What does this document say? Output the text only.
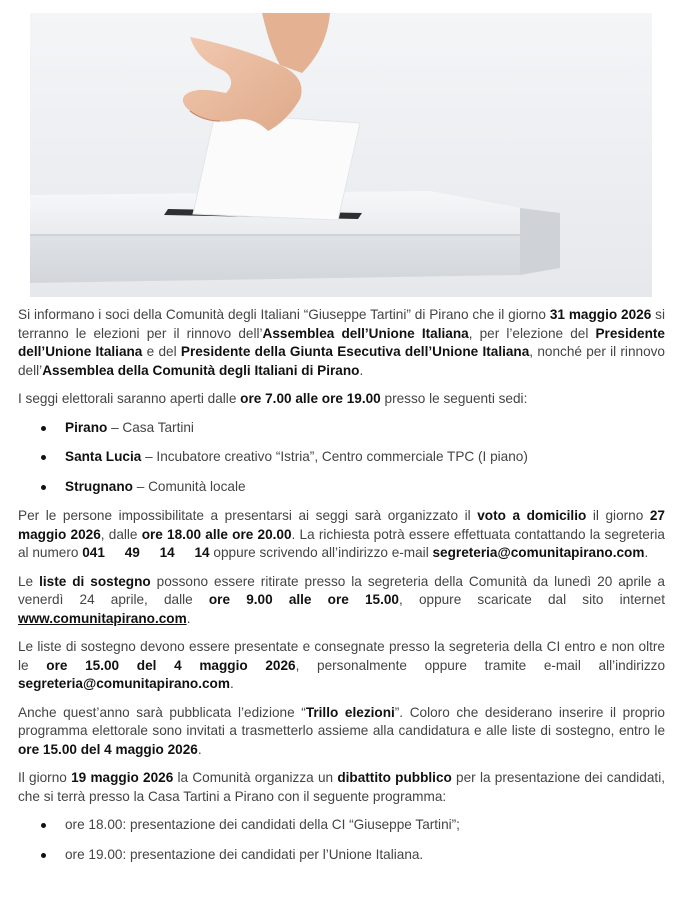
Si informano i soci della Comunità degli Italiani “Giuseppe Tartini” di Pirano che il giorno 31 maggio 2026 si terranno le elezioni per il rinnovo dell’Assemblea dell’Unione Italiana, per l’elezione del Presidente dell’Unione Italiana e del Presidente della Giunta Esecutiva dell’Unione Italiana, nonché per il rinnovo dell’Assemblea della Comunità degli Italiani di Pirano.

I seggi elettorali saranno aperti dalle ore 7.00 alle ore 19.00 presso le seguenti sedi:

Pirano – Casa Tartini
Santa Lucia – Incubatore creativo “Istria”, Centro commerciale TPC (I piano)
Strugnano – Comunità locale

Per le persone impossibilitate a presentarsi ai seggi sarà organizzato il voto a domicilio il giorno 27 maggio 2026, dalle ore 18.00 alle ore 20.00. La richiesta potrà essere effettuata contattando la segreteria al numero 041 49 14 14 oppure scrivendo all’indirizzo e-mail segreteria@comunitapirano.com.

Le liste di sostegno possono essere ritirate presso la segreteria della Comunità da lunedì 20 aprile a venerdì 24 aprile, dalle ore 9.00 alle ore 15.00, oppure scaricate dal sito internet www.comunitapirano.com.

Le liste di sostegno devono essere presentate e consegnate presso la segreteria della CI entro e non oltre le ore 15.00 del 4 maggio 2026, personalmente oppure tramite e-mail all’indirizzo segreteria@comunitapirano.com.

Anche quest’anno sarà pubblicata l’edizione “Trillo elezioni”. Coloro che desiderano inserire il proprio programma elettorale sono invitati a trasmetterlo assieme alla candidatura e alle liste di sostegno, entro le ore 15.00 del 4 maggio 2026.

Il giorno 19 maggio 2026 la Comunità organizza un dibattito pubblico per la presentazione dei candidati, che si terrà presso la Casa Tartini a Pirano con il seguente programma:

ore 18.00: presentazione dei candidati della CI “Giuseppe Tartini”;
ore 19.00: presentazione dei candidati per l’Unione Italiana.
